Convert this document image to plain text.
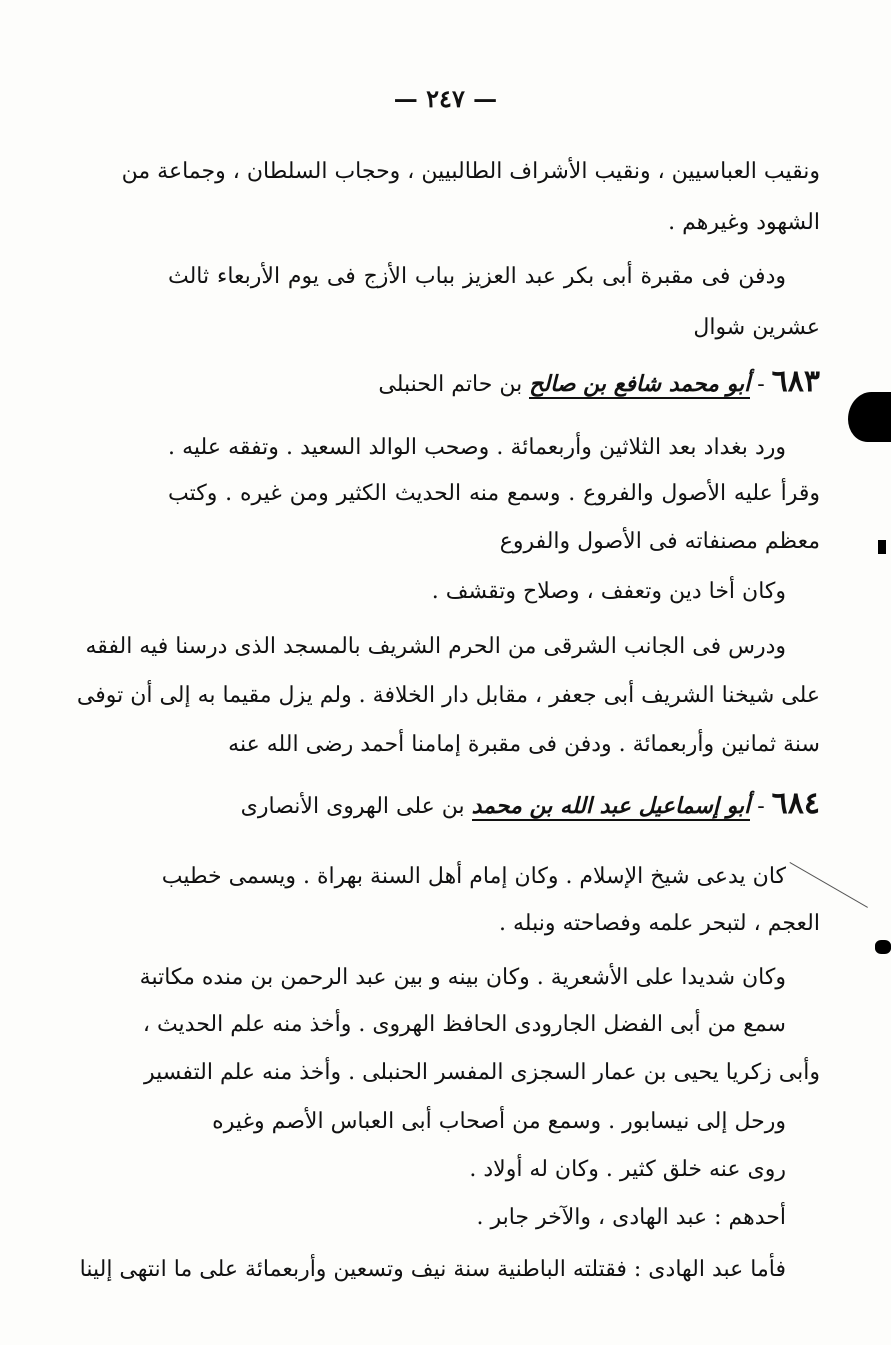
— ٢٤٧ —
ونقيب العباسيين ، ونقيب الأشراف الطالبيين ، وحجاب السلطان ، وجماعة من
الشهود وغيرهم .
ودفن فى مقبرة أبى بكر عبد العزيز بباب الأزج فى يوم الأربعاء ثالث
عشرين شوال
٦٨٣ - أبو محمد شافع بن صالح بن حاتم الحنبلى
ورد بغداد بعد الثلاثين وأربعمائة . وصحب الوالد السعيد . وتفقه عليه .
وقرأ عليه الأصول والفروع . وسمع منه الحديث الكثير ومن غيره . وكتب
معظم مصنفاته فى الأصول والفروع
وكان أخا دين وتعفف ، وصلاح وتقشف .
ودرس فى الجانب الشرقى من الحرم الشريف بالمسجد الذى درسنا فيه الفقه
على شيخنا الشريف أبى جعفر ، مقابل دار الخلافة . ولم يزل مقيما به إلى أن توفى
سنة ثمانين وأربعمائة . ودفن فى مقبرة إمامنا أحمد رضى الله عنه
٦٨٤ - أبو إسماعيل عبد الله بن محمد بن على الهروى الأنصارى
كان يدعى شيخ الإسلام . وكان إمام أهل السنة بهراة . ويسمى خطيب
العجم ، لتبحر علمه وفصاحته ونبله .
وكان شديدا على الأشعرية . وكان بينه و بين عبد الرحمن بن منده مكاتبة
سمع من أبى الفضل الجارودى الحافظ الهروى . وأخذ منه علم الحديث ،
وأبى زكريا يحيى بن عمار السجزى المفسر الحنبلى . وأخذ منه علم التفسير
ورحل إلى نيسابور . وسمع من أصحاب أبى العباس الأصم وغيره
روى عنه خلق كثير . وكان له أولاد .
أحدهم : عبد الهادى ، والآخر جابر .
فأما عبد الهادى : فقتلته الباطنية سنة نيف وتسعين وأربعمائة على ما انتهى إلينا
